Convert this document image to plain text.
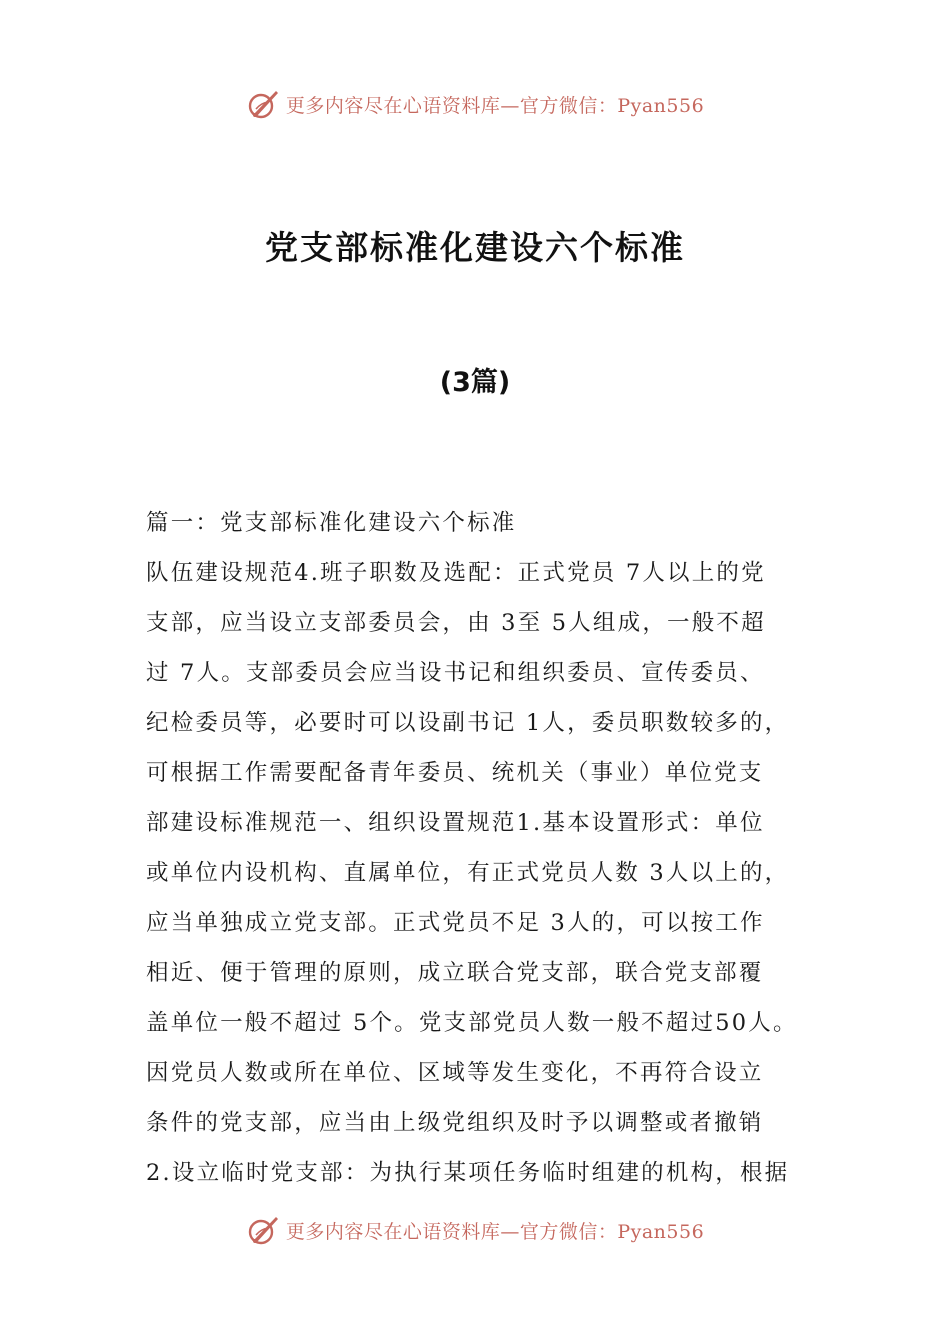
更多内容尽在心语资料库—官方微信：Pyan556
党支部标准化建设六个标准
(3篇)
篇一：党支部标准化建设六个标准
队伍建设规范4.班子职数及选配：正式党员 7人以上的党
支部，应当设立支部委员会，由 3至 5人组成，一般不超
过 7人。支部委员会应当设书记和组织委员、宣传委员、
纪检委员等，必要时可以设副书记 1人，委员职数较多的，
可根据工作需要配备青年委员、统机关（事业）单位党支
部建设标准规范一、组织设置规范1.基本设置形式：单位
或单位内设机构、直属单位，有正式党员人数 3人以上的，
应当单独成立党支部。正式党员不足 3人的，可以按工作
相近、便于管理的原则，成立联合党支部，联合党支部覆
盖单位一般不超过 5个。党支部党员人数一般不超过50人。
因党员人数或所在单位、区域等发生变化，不再符合设立
条件的党支部，应当由上级党组织及时予以调整或者撤销
2.设立临时党支部：为执行某项任务临时组建的机构，根据
更多内容尽在心语资料库—官方微信：Pyan556
